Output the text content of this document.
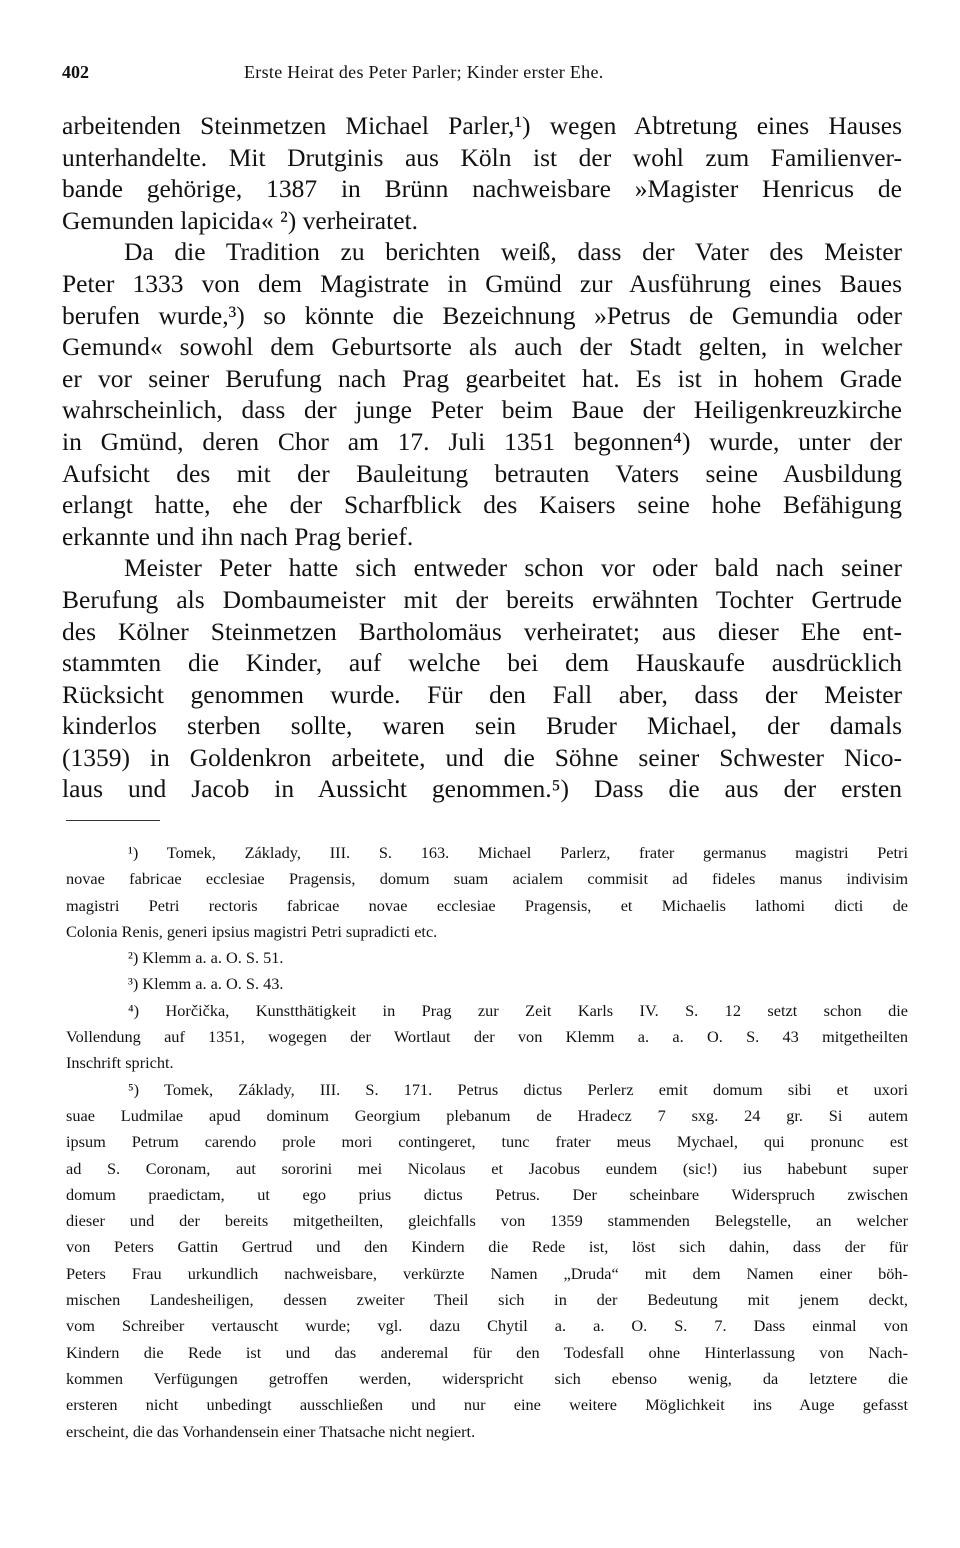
402	Erste Heirat des Peter Parler; Kinder erster Ehe.
arbeitenden Steinmetzen Michael Parler,¹) wegen Abtretung eines Hauses
unterhandelte. Mit Drutginis aus Köln ist der wohl zum Familienver-
bande gehörige, 1387 in Brünn nachweisbare »Magister Henricus de
Gemunden lapicida« ²) verheiratet.
Da die Tradition zu berichten weiß, dass der Vater des Meister
Peter 1333 von dem Magistrate in Gmünd zur Ausführung eines Baues
berufen wurde,³) so könnte die Bezeichnung »Petrus de Gemundia oder
Gemund« sowohl dem Geburtsorte als auch der Stadt gelten, in welcher
er vor seiner Berufung nach Prag gearbeitet hat. Es ist in hohem Grade
wahrscheinlich, dass der junge Peter beim Baue der Heiligenkreuzkirche
in Gmünd, deren Chor am 17. Juli 1351 begonnen⁴) wurde, unter der
Aufsicht des mit der Bauleitung betrauten Vaters seine Ausbildung
erlangt hatte, ehe der Scharfblick des Kaisers seine hohe Befähigung
erkannte und ihn nach Prag berief.
Meister Peter hatte sich entweder schon vor oder bald nach seiner
Berufung als Dombaumeister mit der bereits erwähnten Tochter Gertrude
des Kölner Steinmetzen Bartholomäus verheiratet; aus dieser Ehe ent-
stammten die Kinder, auf welche bei dem Hauskaufe ausdrücklich
Rücksicht genommen wurde. Für den Fall aber, dass der Meister
kinderlos sterben sollte, waren sein Bruder Michael, der damals
(1359) in Goldenkron arbeitete, und die Söhne seiner Schwester Nico-
laus und Jacob in Aussicht genommen.⁵) Dass die aus der ersten
¹) Tomek, Základy, III. S. 163. Michael Parlerz, frater germanus magistri Petri
novae fabricae ecclesiae Pragensis, domum suam acialem commisit ad fideles manus indivisim
magistri Petri rectoris fabricae novae ecclesiae Pragensis, et Michaelis lathomi dicti de
Colonia Renis, generi ipsius magistri Petri supradicti etc.
²) Klemm a. a. O. S. 51.
³) Klemm a. a. O. S. 43.
⁴) Horčička, Kunstthätigkeit in Prag zur Zeit Karls IV. S. 12 setzt schon die
Vollendung auf 1351, wogegen der Wortlaut der von Klemm a. a. O. S. 43 mitgetheilten
Inschrift spricht.
⁵) Tomek, Základy, III. S. 171. Petrus dictus Perlerz emit domum sibi et uxori
suae Ludmilae apud dominum Georgium plebanum de Hradecz 7 sxg. 24 gr. Si autem
ipsum Petrum carendo prole mori contingeret, tunc frater meus Mychael, qui pronunc est
ad S. Coronam, aut sororini mei Nicolaus et Jacobus eundem (sic!) ius habebunt super
domum praedictam, ut ego prius dictus Petrus. Der scheinbare Widerspruch zwischen
dieser und der bereits mitgetheilten, gleichfalls von 1359 stammenden Belegstelle, an welcher
von Peters Gattin Gertrud und den Kindern die Rede ist, löst sich dahin, dass der für
Peters Frau urkundlich nachweisbare, verkürzte Namen „Druda“ mit dem Namen einer böh-
mischen Landesheiligen, dessen zweiter Theil sich in der Bedeutung mit jenem deckt,
vom Schreiber vertauscht wurde; vgl. dazu Chytil a. a. O. S. 7. Dass einmal von
Kindern die Rede ist und das anderemal für den Todesfall ohne Hinterlassung von Nach-
kommen Verfügungen getroffen werden, widerspricht sich ebenso wenig, da letztere die
ersteren nicht unbedingt ausschließen und nur eine weitere Möglichkeit ins Auge gefasst
erscheint, die das Vorhandensein einer Thatsache nicht negiert.
